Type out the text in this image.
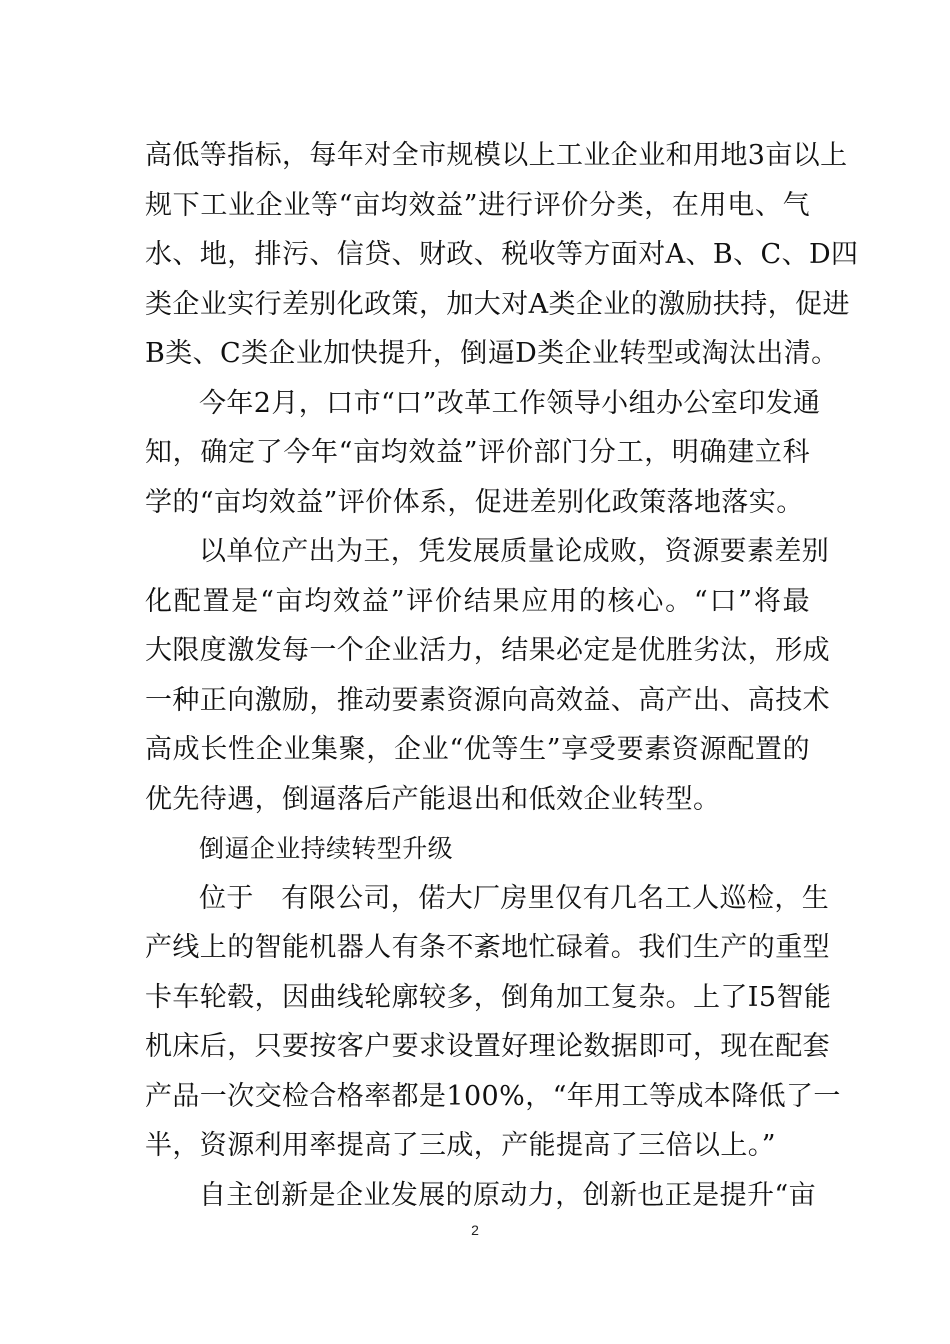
高低等指标，每年对全市规模以上工业企业和用地3亩以上
规下工业企业等“亩均效益”进行评价分类，在用电、气
水、地，排污、信贷、财政、税收等方面对A、B、C、D四
类企业实行差别化政策，加大对A类企业的激励扶持，促进
B类、C类企业加快提升，倒逼D类企业转型或淘汰出清。
今年2月，口市“口”改革工作领导小组办公室印发通
知，确定了今年“亩均效益”评价部门分工，明确建立科
学的“亩均效益”评价体系，促进差别化政策落地落实。
以单位产出为王，凭发展质量论成败，资源要素差别
化配置是“亩均效益”评价结果应用的核心。“口”将最
大限度激发每一个企业活力，结果必定是优胜劣汰，形成
一种正向激励，推动要素资源向高效益、高产出、高技术
高成长性企业集聚，企业“优等生”享受要素资源配置的
优先待遇，倒逼落后产能退出和低效企业转型。
倒逼企业持续转型升级
位于　有限公司，偌大厂房里仅有几名工人巡检，生
产线上的智能机器人有条不紊地忙碌着。我们生产的重型
卡车轮毂，因曲线轮廓较多，倒角加工复杂。上了I5智能
机床后，只要按客户要求设置好理论数据即可，现在配套
产品一次交检合格率都是100%，“年用工等成本降低了一
半，资源利用率提高了三成，产能提高了三倍以上。”
自主创新是企业发展的原动力，创新也正是提升“亩
2
